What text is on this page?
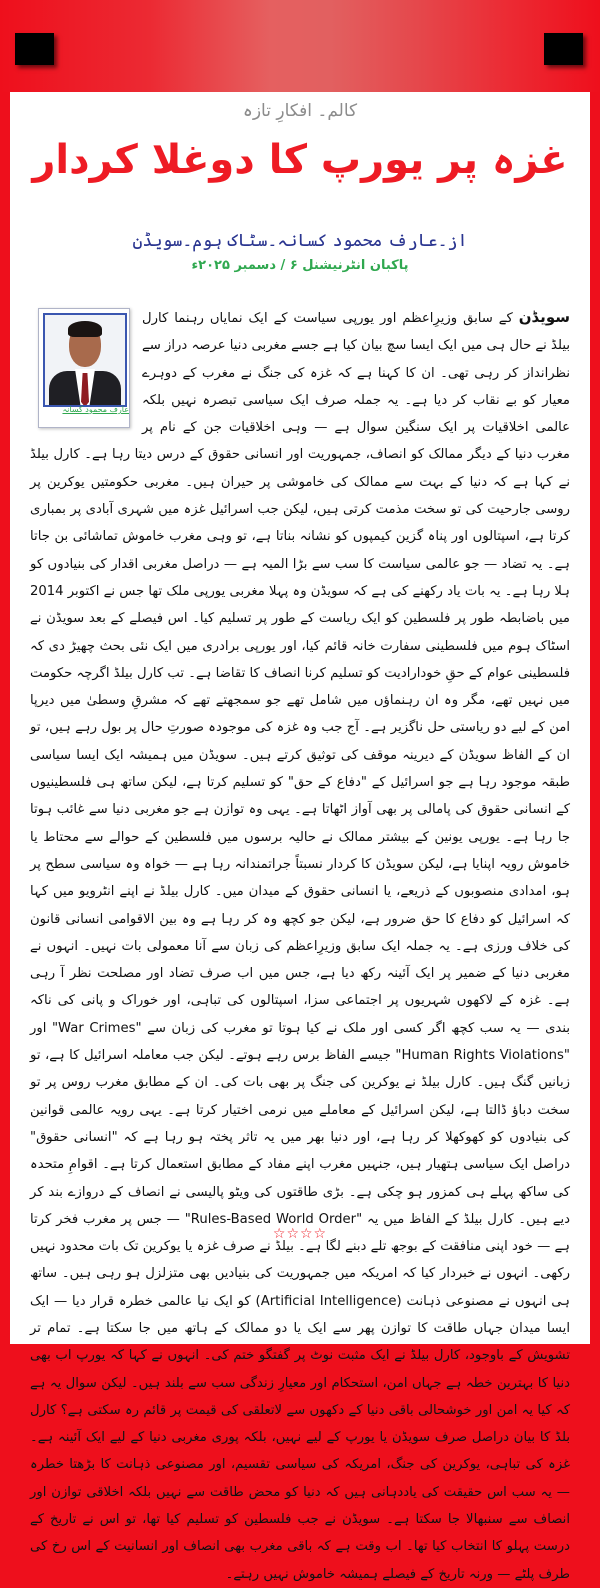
کالم۔ افکارِ تازہ
غزہ پر یورپ کا دوغلا کردار
از۔عارف محمود کسانہ۔سٹاک ہوم۔سویڈن
پاکبان انٹرنیشنل ۶ / دسمبر ۲۰۲۵ء
عارف محمود کسانہ

سویڈن کے سابق وزیرِاعظم اور یورپی سیاست کے ایک نمایاں رہنما کارل بیلڈ نے حال ہی میں ایک ایسا سچ بیان کیا ہے جسے مغربی دنیا عرصہ دراز سے نظرانداز کر رہی تھی۔ ان کا کہنا ہے کہ غزہ کی جنگ نے مغرب کے دوہرے معیار کو بے نقاب کر دیا ہے۔ یہ جملہ صرف ایک سیاسی تبصرہ نہیں بلکہ عالمی اخلاقیات پر ایک سنگین سوال ہے — وہی اخلاقیات جن کے نام پر مغرب دنیا کے دیگر ممالک کو انصاف، جمہوریت اور انسانی حقوق کے درس دیتا رہا ہے۔ کارل بیلڈ نے کہا ہے کہ دنیا کے بہت سے ممالک کی خاموشی پر حیران ہیں۔ مغربی حکومتیں یوکرین پر روسی جارحیت کی تو سخت مذمت کرتی ہیں، لیکن جب اسرائیل غزہ میں شہری آبادی پر بمباری کرتا ہے، اسپتالوں اور پناہ گزین کیمپوں کو نشانہ بناتا ہے، تو وہی مغرب خاموش تماشائی بن جاتا ہے۔ یہ تضاد — جو عالمی سیاست کا سب سے بڑا المیہ ہے — دراصل مغربی اقدار کی بنیادوں کو ہلا رہا ہے۔ یہ بات یاد رکھنے کی ہے کہ سویڈن وہ پہلا مغربی یورپی ملک تھا جس نے اکتوبر 2014 میں باضابطہ طور پر فلسطین کو ایک ریاست کے طور پر تسلیم کیا۔ اس فیصلے کے بعد سویڈن نے اسٹاک ہوم میں فلسطینی سفارت خانہ قائم کیا، اور یورپی برادری میں ایک نئی بحث چھیڑ دی کہ فلسطینی عوام کے حقِ خودارادیت کو تسلیم کرنا انصاف کا تقاضا ہے۔ تب کارل بیلڈ اگرچہ حکومت میں نہیں تھے، مگر وہ ان رہنماؤں میں شامل تھے جو سمجھتے تھے کہ مشرقِ وسطیٰ میں دیرپا امن کے لیے دو ریاستی حل ناگزیر ہے۔ آج جب وہ غزہ کی موجودہ صورتِ حال پر بول رہے ہیں، تو ان کے الفاظ سویڈن کے دیرینہ موقف کی توثیق کرتے ہیں۔ سویڈن میں ہمیشہ ایک ایسا سیاسی طبقہ موجود رہا ہے جو اسرائیل کے "دفاع کے حق" کو تسلیم کرتا ہے، لیکن ساتھ ہی فلسطینیوں کے انسانی حقوق کی پامالی پر بھی آواز اٹھاتا ہے۔ یہی وہ توازن ہے جو مغربی دنیا سے غائب ہوتا جا رہا ہے۔ یورپی یونین کے بیشتر ممالک نے حالیہ برسوں میں فلسطین کے حوالے سے محتاط یا خاموش رویہ اپنایا ہے، لیکن سویڈن کا کردار نسبتاً جراتمندانہ رہا ہے — خواہ وہ سیاسی سطح پر ہو، امدادی منصوبوں کے ذریعے، یا انسانی حقوق کے میدان میں۔ کارل بیلڈ نے اپنے انٹرویو میں کہا کہ اسرائیل کو دفاع کا حق ضرور ہے، لیکن جو کچھ وہ کر رہا ہے وہ بین الاقوامی انسانی قانون کی خلاف ورزی ہے۔ یہ جملہ ایک سابق وزیرِاعظم کی زبان سے آنا معمولی بات نہیں۔ انہوں نے مغربی دنیا کے ضمیر پر ایک آئینہ رکھ دیا ہے، جس میں اب صرف تضاد اور مصلحت نظر آ رہی ہے۔ غزہ کے لاکھوں شہریوں پر اجتماعی سزا، اسپتالوں کی تباہی، اور خوراک و پانی کی ناکہ بندی — یہ سب کچھ اگر کسی اور ملک نے کیا ہوتا تو مغرب کی زبان سے "War Crimes" اور "Human Rights Violations" جیسے الفاظ برس رہے ہوتے۔ لیکن جب معاملہ اسرائیل کا ہے، تو زبانیں گنگ ہیں۔ کارل بیلڈ نے یوکرین کی جنگ پر بھی بات کی۔ ان کے مطابق مغرب روس پر تو سخت دباؤ ڈالتا ہے، لیکن اسرائیل کے معاملے میں نرمی اختیار کرتا ہے۔ یہی رویہ عالمی قوانین کی بنیادوں کو کھوکھلا کر رہا ہے، اور دنیا بھر میں یہ تاثر پختہ ہو رہا ہے کہ "انسانی حقوق" دراصل ایک سیاسی ہتھیار ہیں، جنہیں مغرب اپنے مفاد کے مطابق استعمال کرتا ہے۔ اقوامِ متحدہ کی ساکھ پہلے ہی کمزور ہو چکی ہے۔ بڑی طاقتوں کی ویٹو پالیسی نے انصاف کے دروازے بند کر دیے ہیں۔ کارل بیلڈ کے الفاظ میں یہ "Rules-Based World Order" — جس پر مغرب فخر کرتا ہے — خود اپنی منافقت کے بوجھ تلے دبنے لگا ہے۔ بیلڈ نے صرف غزہ یا یوکرین تک بات محدود نہیں رکھی۔ انہوں نے خبردار کیا کہ امریکہ میں جمہوریت کی بنیادیں بھی متزلزل ہو رہی ہیں۔ ساتھ ہی انہوں نے مصنوعی ذہانت (Artificial Intelligence) کو ایک نیا عالمی خطرہ قرار دیا — ایک ایسا میدان جہاں طاقت کا توازن پھر سے ایک یا دو ممالک کے ہاتھ میں جا سکتا ہے۔ تمام تر تشویش کے باوجود، کارل بیلڈ نے ایک مثبت نوٹ پر گفتگو ختم کی۔ انہوں نے کہا کہ یورپ اب بھی دنیا کا بہترین خطہ ہے جہاں امن، استحکام اور معیارِ زندگی سب سے بلند ہیں۔ لیکن سوال یہ ہے کہ کیا یہ امن اور خوشحالی باقی دنیا کے دکھوں سے لاتعلقی کی قیمت پر قائم رہ سکتی ہے؟ کارل بلڈ کا بیان دراصل صرف سویڈن یا یورپ کے لیے نہیں، بلکہ پوری مغربی دنیا کے لیے ایک آئینہ ہے۔ غزہ کی تباہی، یوکرین کی جنگ، امریکہ کی سیاسی تقسیم، اور مصنوعی ذہانت کا بڑھتا خطرہ — یہ سب اس حقیقت کی یاددہانی ہیں کہ دنیا کو محض طاقت سے نہیں بلکہ اخلاقی توازن اور انصاف سے سنبھالا جا سکتا ہے۔ سویڈن نے جب فلسطین کو تسلیم کیا تھا، تو اس نے تاریخ کے درست پہلو کا انتخاب کیا تھا۔ اب وقت ہے کہ باقی مغرب بھی انصاف اور انسانیت کے اس رخ کی طرف پلٹے — ورنہ تاریخ کے فیصلے ہمیشہ خاموش نہیں رہتے۔

☆☆☆☆
